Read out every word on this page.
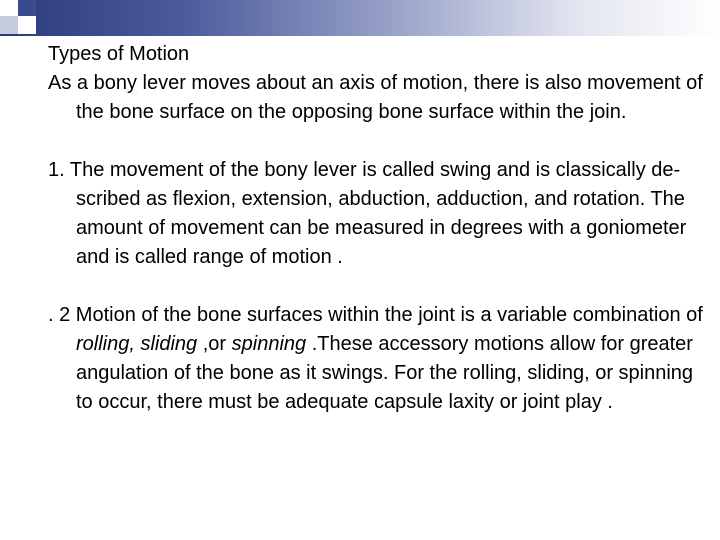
Types of Motion

As a bony lever moves about an axis of motion, there is also movement of the bone surface on the opposing bone surface within the join.

1. The movement of the bony lever is called swing and is classically de-scribed as flexion, extension, abduction, adduction, and rotation. The amount of movement can be measured in degrees with a goniometer and is called range of motion .

. 2 Motion of the bone surfaces within the joint is a variable combination of rolling, sliding ,or spinning .These accessory motions allow for greater angulation of the bone as it swings. For the rolling, sliding, or spinning to occur, there must be adequate capsule laxity or joint play .
